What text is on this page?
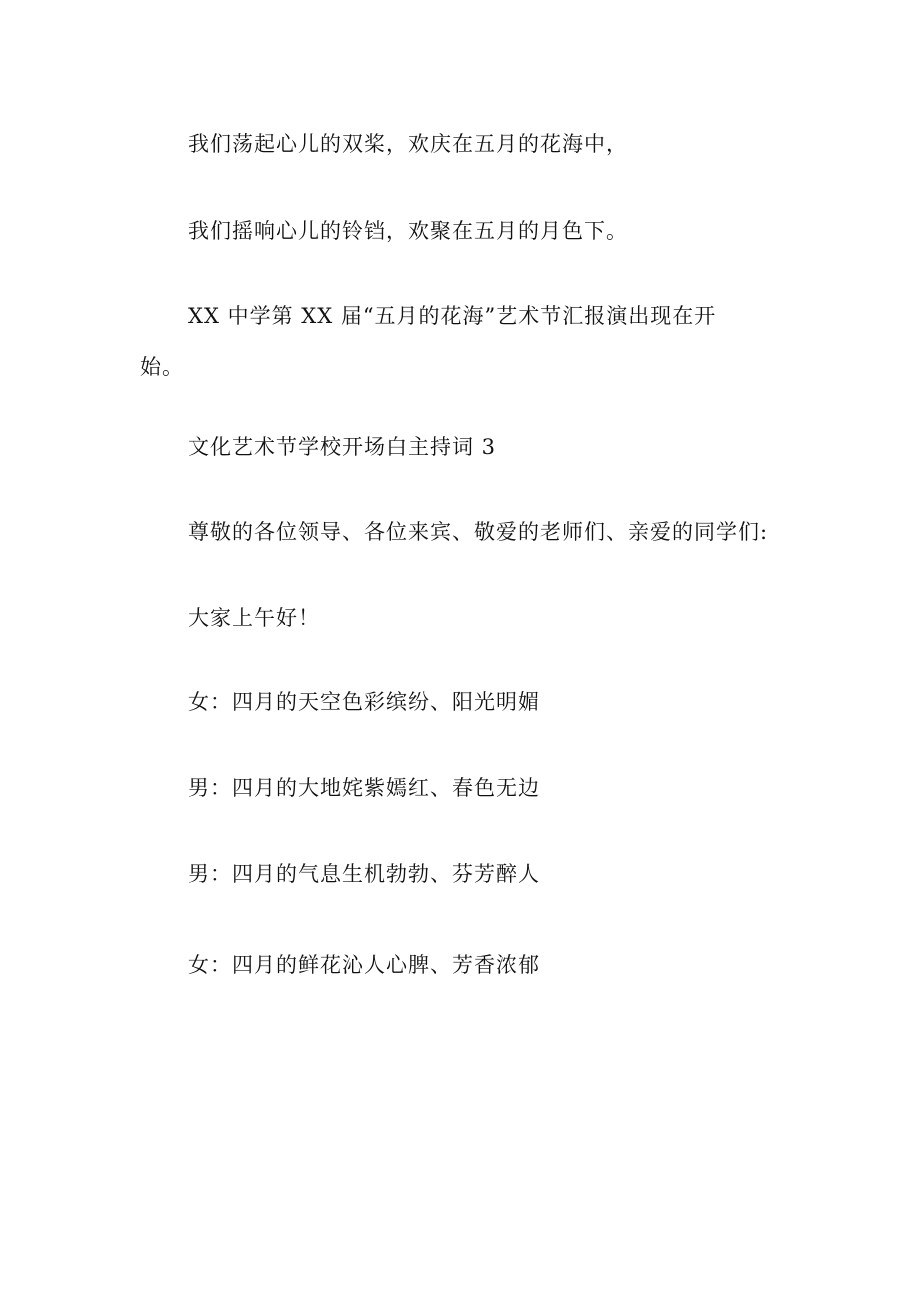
我们荡起心儿的双桨，欢庆在五月的花海中，

我们摇响心儿的铃铛，欢聚在五月的月色下。

XX 中学第 XX 届“五月的花海”艺术节汇报演出现在开
始。

文化艺术节学校开场白主持词 3

尊敬的各位领导、各位来宾、敬爱的老师们、亲爱的同学们:

大家上午好！

女：四月的天空色彩缤纷、阳光明媚

男：四月的大地姹紫嫣红、春色无边

男：四月的气息生机勃勃、芬芳醉人

女：四月的鲜花沁人心脾、芳香浓郁
